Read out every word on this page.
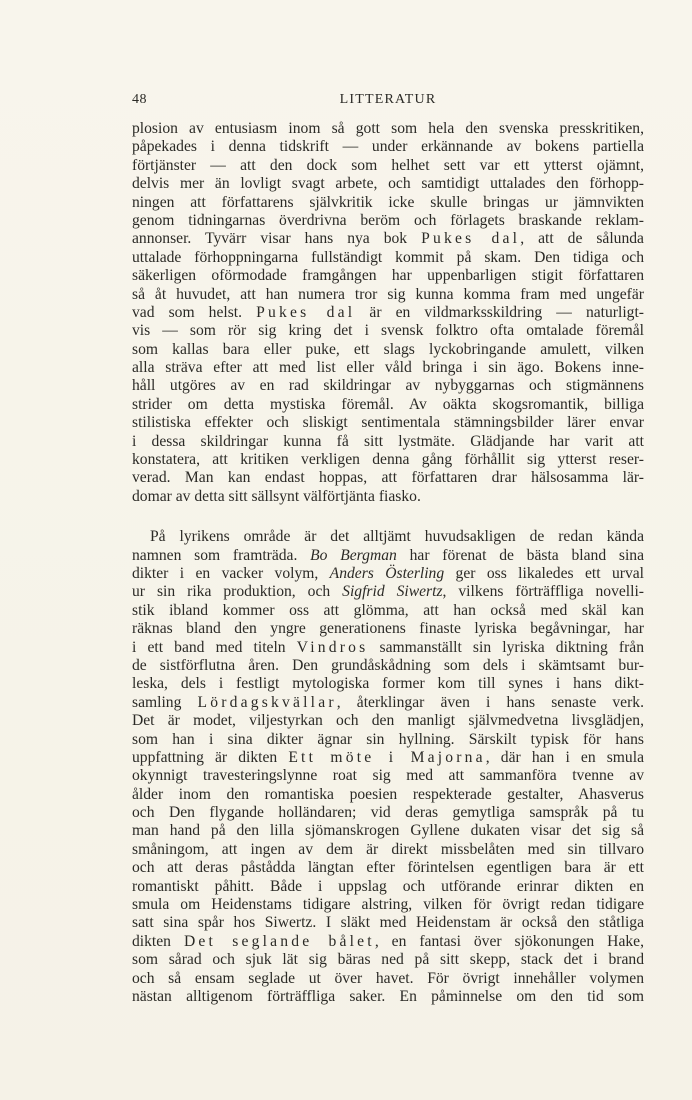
48	LITTERATUR
plosion av entusiasm inom så gott som hela den svenska presskritiken,
påpekades i denna tidskrift — under erkännande av bokens partiella
förtjänster — att den dock som helhet sett var ett ytterst ojämnt,
delvis mer än lovligt svagt arbete, och samtidigt uttalades den förhopp-
ningen att författarens självkritik icke skulle bringas ur jämnvikten
genom tidningarnas överdrivna beröm och förlagets braskande reklam-
annonser. Tyvärr visar hans nya bok Pukes dal, att de sålunda
uttalade förhoppningarna fullständigt kommit på skam. Den tidiga och
säkerligen oförmodade framgången har uppenbarligen stigit författaren
så åt huvudet, att han numera tror sig kunna komma fram med ungefär
vad som helst. Pukes dal är en vildmarksskildring — naturligt-
vis — som rör sig kring det i svensk folktro ofta omtalade föremål
som kallas bara eller puke, ett slags lyckobringande amulett, vilken
alla sträva efter att med list eller våld bringa i sin ägo. Bokens inne-
håll utgöres av en rad skildringar av nybyggarnas och stigmännens
strider om detta mystiska föremål. Av oäkta skogsromantik, billiga
stilistiska effekter och sliskigt sentimentala stämningsbilder lärer envar
i dessa skildringar kunna få sitt lystmäte. Glädjande har varit att
konstatera, att kritiken verkligen denna gång förhållit sig ytterst reser-
verad. Man kan endast hoppas, att författaren drar hälsosamma lär-
domar av detta sitt sällsynt välförtjänta fiasko.
På lyrikens område är det alltjämt huvudsakligen de redan kända
namnen som framträda. Bo Bergman har förenat de bästa bland sina
dikter i en vacker volym, Anders Österling ger oss likaledes ett urval
ur sin rika produktion, och Sigfrid Siwertz, vilkens förträffliga novelli-
stik ibland kommer oss att glömma, att han också med skäl kan
räknas bland den yngre generationens finaste lyriska begåvningar, har
i ett band med titeln Vindros sammanställt sin lyriska diktning från
de sistförflutna åren. Den grundåskådning som dels i skämtsamt bur-
leska, dels i festligt mytologiska former kom till synes i hans dikt-
samling Lördagskvällar, återklingar även i hans senaste verk.
Det är modet, viljestyrkan och den manligt självmedvetna livsglädjen,
som han i sina dikter ägnar sin hyllning. Särskilt typisk för hans
uppfattning är dikten Ett möte i Majorna, där han i en smula
okynnigt travesteringslynne roat sig med att sammanföra tvenne av
ålder inom den romantiska poesien respekterade gestalter, Ahasverus
och Den flygande holländaren; vid deras gemytliga samspråk på tu
man hand på den lilla sjömanskrogen Gyllene dukaten visar det sig så
småningom, att ingen av dem är direkt missbelåten med sin tillvaro
och att deras påstådda längtan efter förintelsen egentligen bara är ett
romantiskt påhitt. Både i uppslag och utförande erinrar dikten en
smula om Heidenstams tidigare alstring, vilken för övrigt redan tidigare
satt sina spår hos Siwertz. I släkt med Heidenstam är också den ståtliga
dikten Det seglande bålet, en fantasi över sjökonungen Hake,
som sårad och sjuk lät sig bäras ned på sitt skepp, stack det i brand
och så ensam seglade ut över havet. För övrigt innehåller volymen
nästan alltigenom förträffliga saker. En påminnelse om den tid som
